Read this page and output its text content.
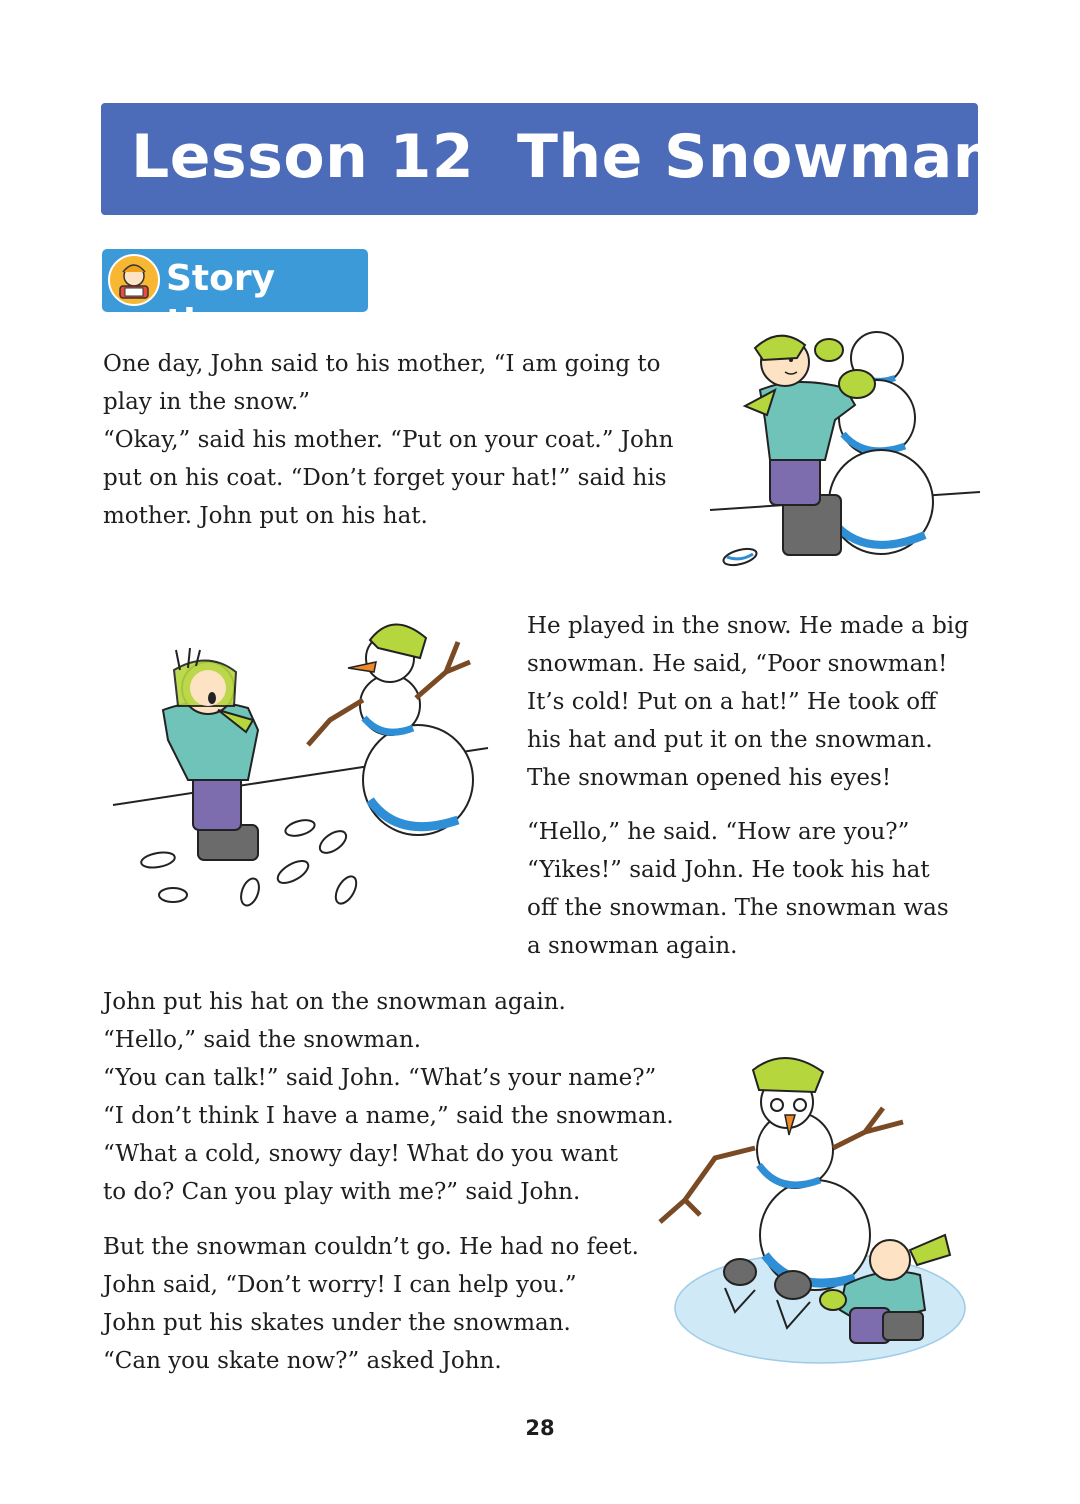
Lesson 12  The Snowman
Story time
One day, John said to his mother, “I am going to
play in the snow.”
“Okay,” said his mother. “Put on your coat.” John
put on his coat. “Don’t forget your hat!” said his
mother. John put on his hat.
He played in the snow. He made a big
snowman. He said, “Poor snowman!
It’s cold! Put on a hat!” He took off
his hat and put it on the snowman.
The snowman opened his eyes!
“Hello,” he said. “How are you?”
“Yikes!” said John. He took his hat
off the snowman. The snowman was
a snowman again.
John put his hat on the snowman again.
“Hello,” said the snowman.
“You can talk!” said John. “What’s your name?”
“I don’t think I have a name,” said the snowman.
“What a cold, snowy day! What do you want
to do? Can you play with me?” said John.
But the snowman couldn’t go. He had no feet.
John said, “Don’t worry! I can help you.”
John put his skates under the snowman.
“Can you skate now?” asked John.
28
